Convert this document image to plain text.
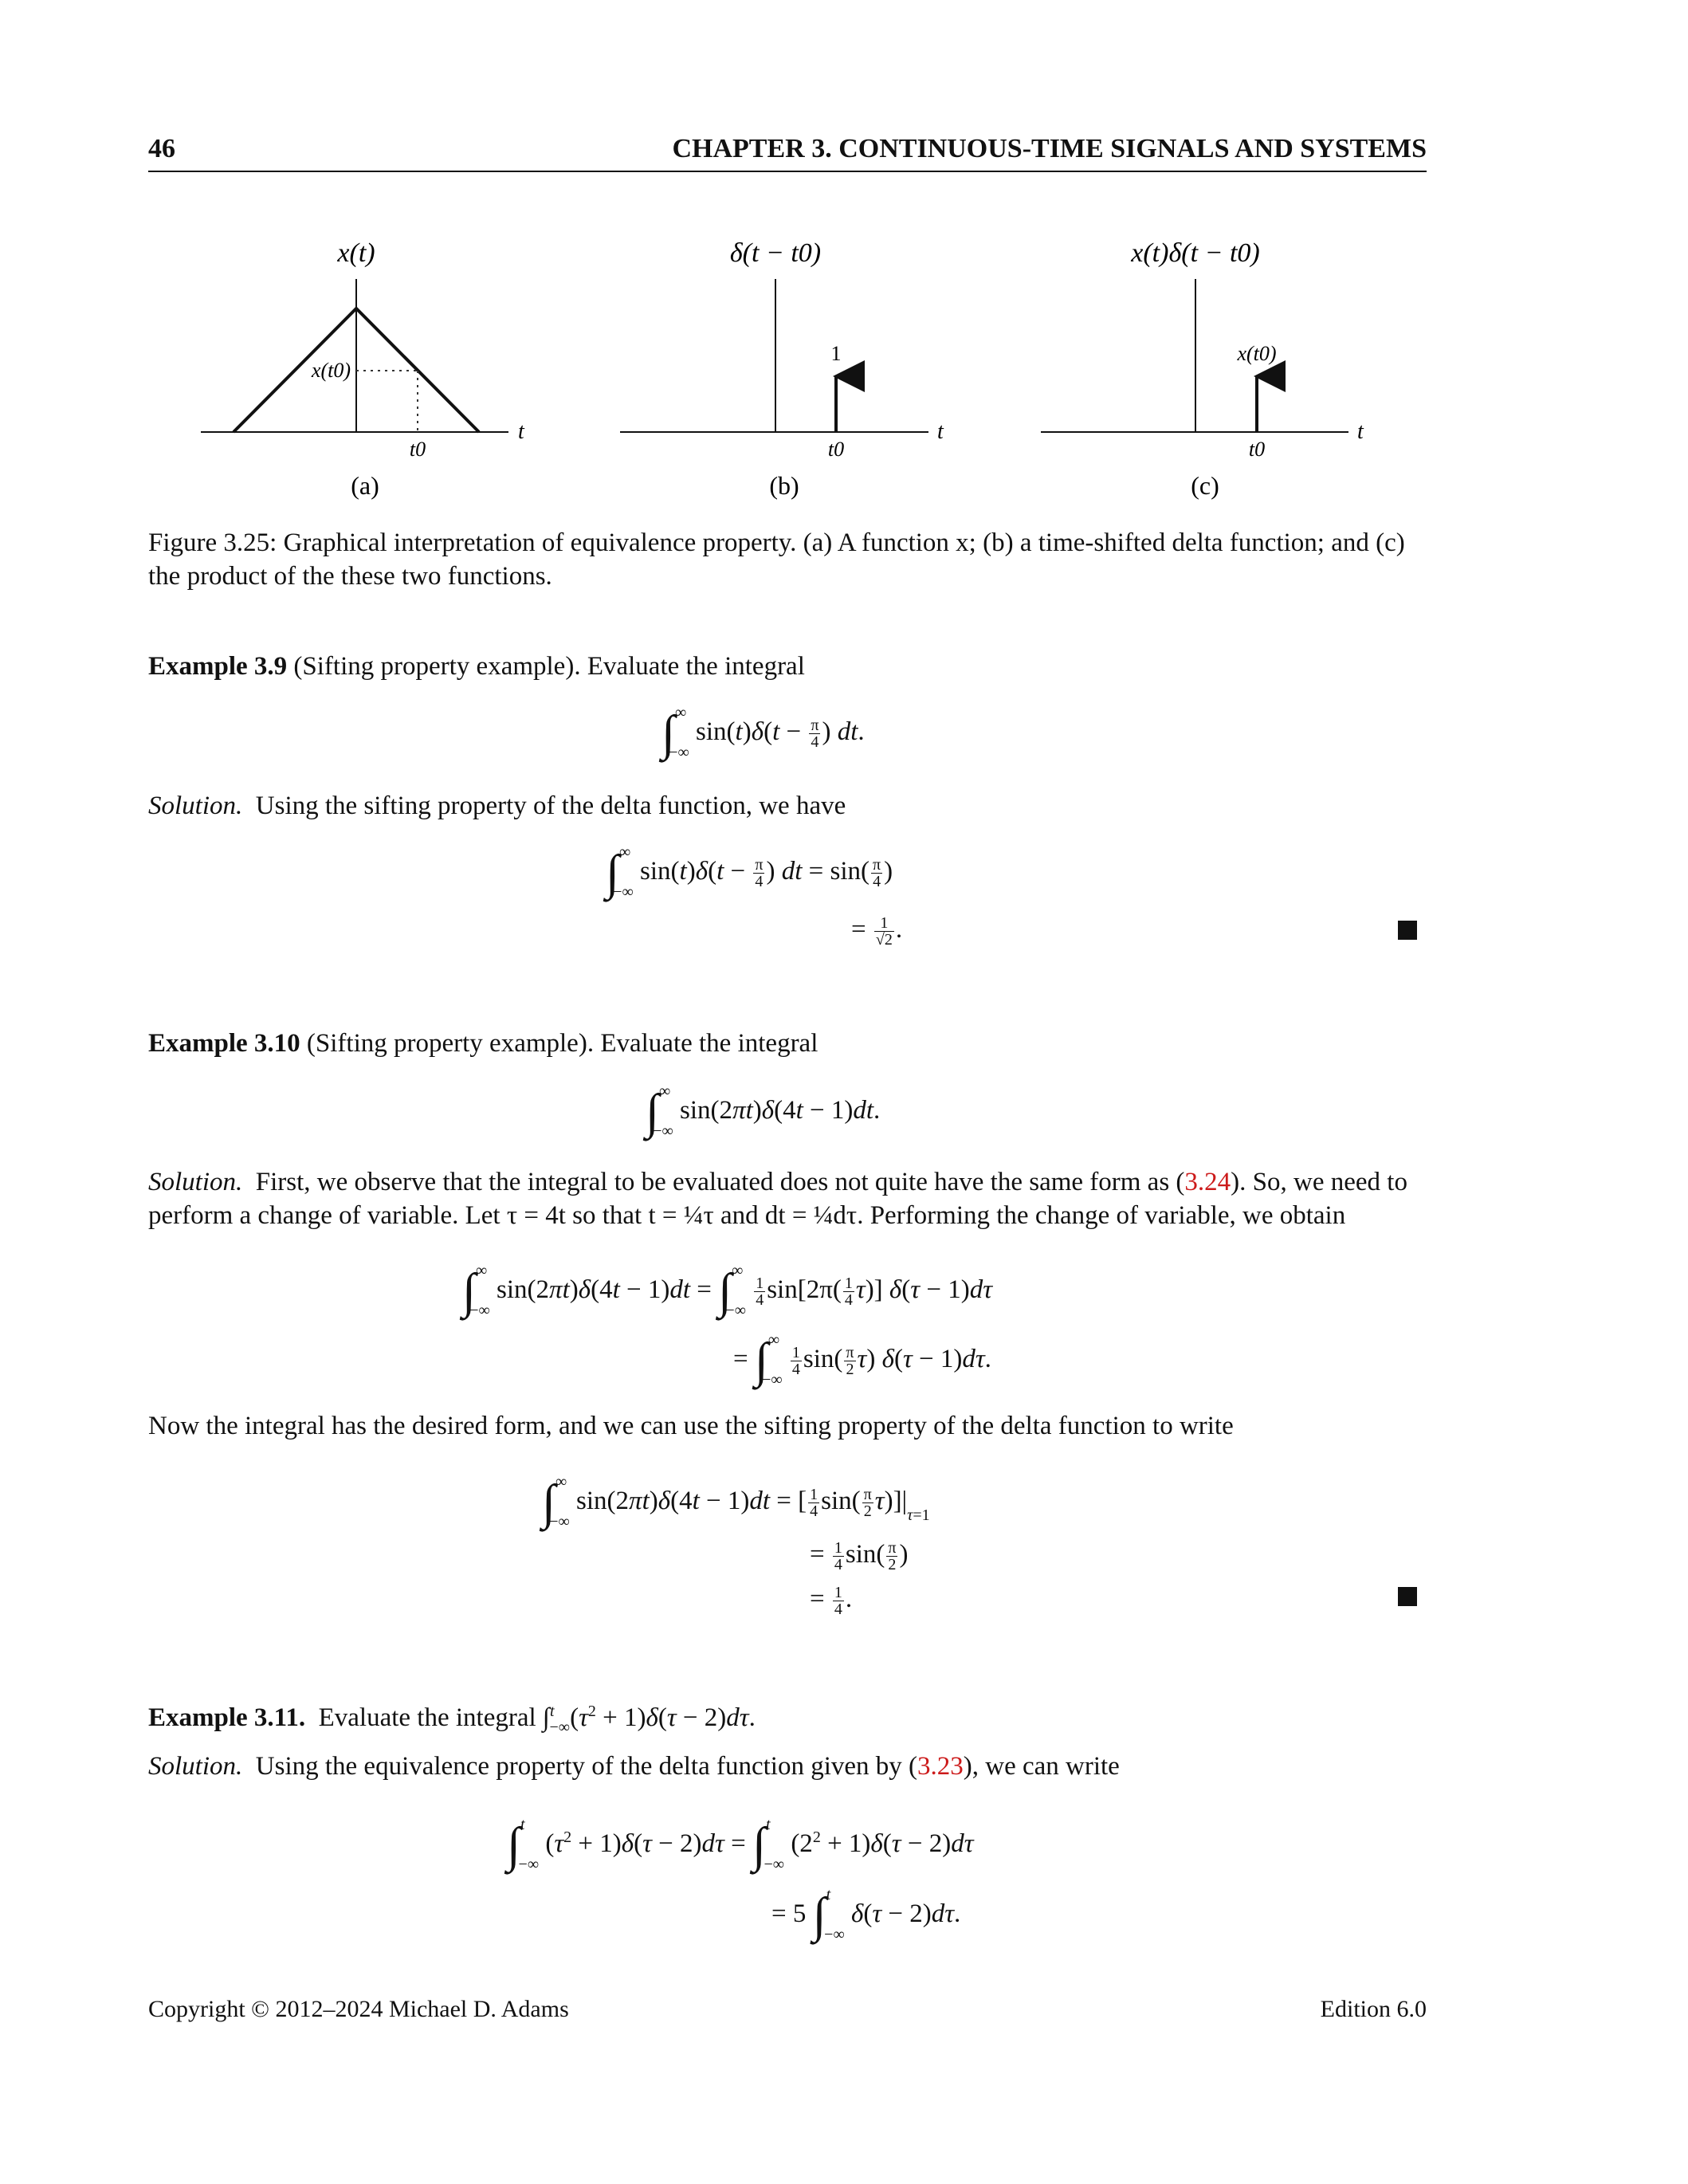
46	CHAPTER 3. CONTINUOUS-TIME SIGNALS AND SYSTEMS
x(t)
x(t0)
t0
t
(a)
δ(t − t0)
1
t0
t
(b)
x(t)δ(t − t0)
x(t0)
t0
t
(c)
Figure 3.25: Graphical interpretation of equivalence property. (a) A function x; (b) a time-shifted delta function; and (c) the product of the these two functions.
Example 3.9 (Sifting property example). Evaluate the integral
$\int^\infty_{-\infty}$ $\sin(t)\delta(t - \frac{\pi}{4}$ ) dt.
Solution. Using the sifting property of the delta function, we have
$\int^\infty_{-\infty}$ $\sin(t)\delta(t - \frac{\pi}{4}$ ) dt = $\sin( \frac{\pi}{4}$ )
= $\frac{1}{√2}$ .
Example 3.10 (Sifting property example). Evaluate the integral
$\int^\infty_{-\infty}$ sin(2πt)δ(4t − 1)dt.
Solution. First, we observe that the integral to be evaluated does not quite have the same form as (3.24). So, we need to perform a change of variable. Let τ = 4t so that t = ¼τ and dt = ¼dτ. Performing the change of variable, we obtain
$\int^\infty_{-\infty}$ $\sin(2\pi t)\delta(4t - 1)dt = \int^\infty_{-\infty}$
$\frac{1}{4} \sin[2\pi( \frac{1}{4} \tau)] \delta(\tau - 1)d\tau$
= $\int^\infty_{-\infty}$
$\frac{1}{4} \sin( \frac{\pi}{2} \tau) \delta(\tau - 1)d\tau$.
Now the integral has the desired form, and we can use the sifting property of the delta function to write
$\int^\infty_{-\infty}$ sin(2πt)δ(4t − 1)dt = [ $\frac{1}{4} \sin( \frac{\pi}{2} \tau)]|_{\tau=1}$
= $\frac{1}{4} \sin( \frac{\pi}{2}$ )
= $\frac{1}{4}$ .
Example 3.11. Evaluate the integral $\int^t_{-\infty}(\tau^2 + 1)\delta(\tau - 2)d\tau$.
Solution. Using the equivalence property of the delta function given by (3.23), we can write
∫$^t_{-\infty}$ $(\tau^2 + 1)\delta(\tau - 2)d\tau = \int^t_{-\infty}$ $(2^2 + 1)\delta(\tau - 2)d\tau$
= 5 ∫$^t_{-\infty}$ δ(τ − 2)dτ.
Copyright © 2012–2024 Michael D. Adams	Edition 6.0
